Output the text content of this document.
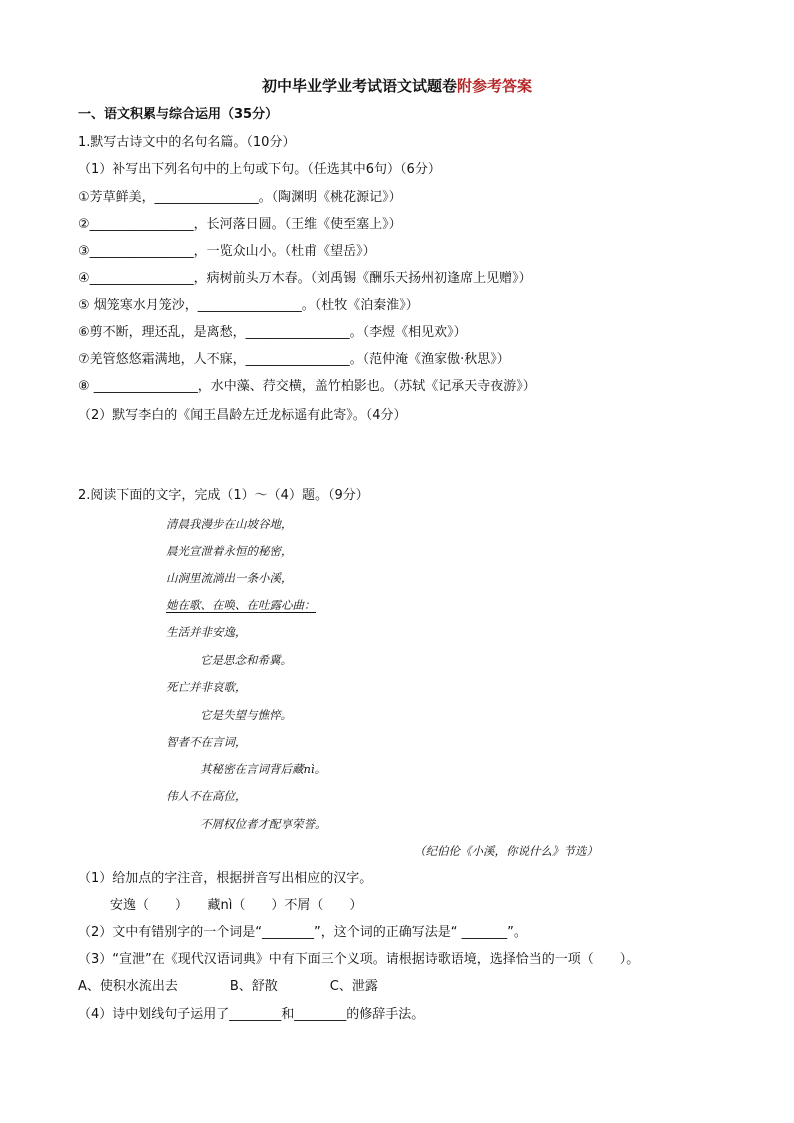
初中毕业学业考试语文试题卷附参考答案
一、语文积累与综合运用（35分）
1.默写古诗文中的名句名篇。（10分）
（1）补写出下列名句中的上句或下句。（任选其中6句）（6分）
①芳草鲜美，________________。（陶渊明《桃花源记》）
②________________，长河落日圆。（王维《使至塞上》）
③________________，一览众山小。（杜甫《望岳》）
④________________，病树前头万木春。（刘禹锡《酬乐天扬州初逢席上见赠》）
⑤ 烟笼寒水月笼沙，________________。（杜牧《泊秦淮》）
⑥剪不断，理还乱，是离愁，________________。（李煜《相见欢》）
⑦羌管悠悠霜满地，人不寐，________________。（范仲淹《渔家傲·秋思》）
⑧ ________________，水中藻、荇交横，盖竹柏影也。（苏轼《记承天寺夜游》）
（2）默写李白的《闻王昌龄左迁龙标遥有此寄》。（4分）
2.阅读下面的文字，完成（1）～（4）题。（9分）
清晨我漫步在山坡谷地，
晨光宣泄着永恒的秘密，
山涧里流淌出一条小溪，
她在歌、在唤、在吐露心曲：
生活并非安逸，
它是思念和希冀。
死亡并非哀歌，
它是失望与憔悴。
智者不在言词，
其秘密在言词背后藏nì。
伟人不在高位，
不屑权位者才配享荣誉。
（纪伯伦《小溪，你说什么》节选）
（1）给加点的字注音，根据拼音写出相应的汉字。
安逸（　　）　　藏nì（　　）不屑（　　）
（2）文中有错别字的一个词是“________”，这个词的正确写法是“ _______”。
（3）“宣泄”在《现代汉语词典》中有下面三个义项。请根据诗歌语境，选择恰当的一项（　　）。
A、使积水流出去　　　　B、舒散　　　　C、泄露
（4）诗中划线句子运用了________和________的修辞手法。
